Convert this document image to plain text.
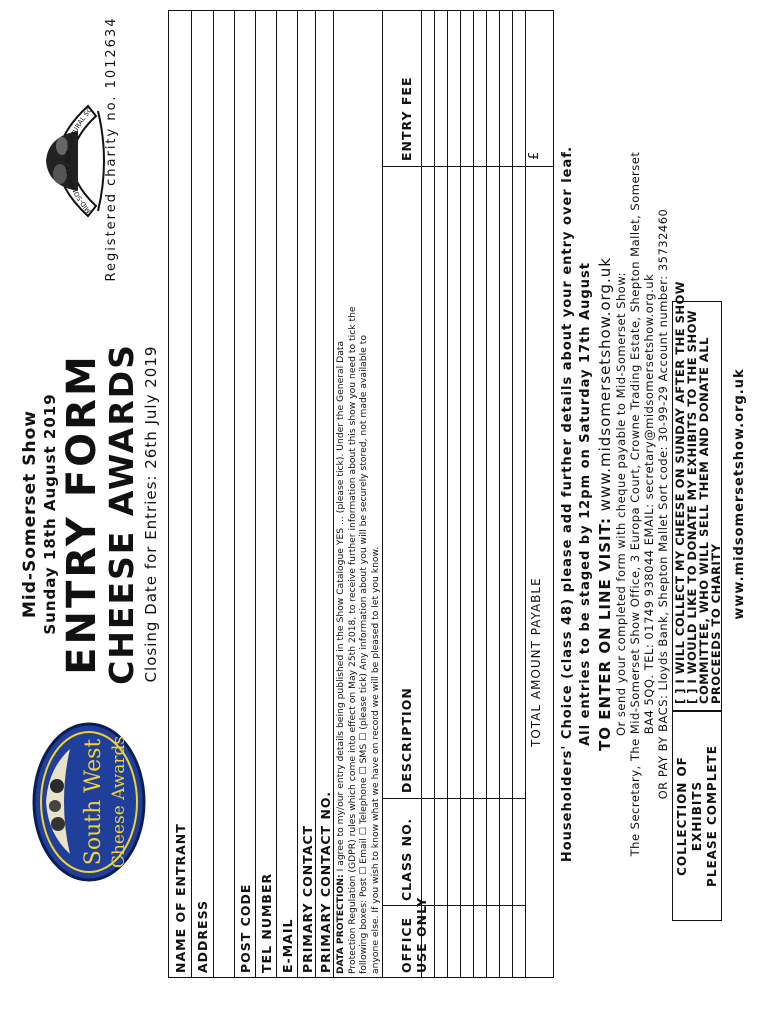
South West Cheese Awards
Mid-Somerset Show Sunday 18th August 2019 ENTRY FORM
CHEESE AWARDS Closing Date for Entries: 26th July 2019
MID-SOMERSET AGRICULTURAL SO Registered charity no. 1012634
NAME OF ENTRANT ADDRESS POST CODE TEL NUMBER E-MAIL PRIMARY CONTACT PRIMARY CONTACT NO. DATA PROTECTION: I agree to my/our entry details being published in the Show Catalogue YES ... (please tick). Under the General Data Protection Regulation (GDPR) rules which come into effect on May 25th 2018, to receive further information about this show you need to tick the following boxes: Post ☐ Email ☐ Telephone ☐ SMS ☐ (please tick) Any information about you will be securely stored, not made available to anyone else. If you wish to know what we have on record we will be pleased to let you know. OFFICE USE ONLY
CLASS NO.
DESCRIPTION
ENTRY FEE
TOTAL AMOUNT PAYABLE
£ Householders' Choice (class 48) please add further details about your entry over leaf. All entries to be staged by 12pm on Saturday 17th August TO ENTER ON LINE VISIT: www.midsomersetshow.org.uk Or send your completed form with cheque payable to Mid-Somerset Show: The Secretary, The Mid-Somerset Show Office, 3 Europa Court, Crowne Trading Estate, Shepton Mallet, Somerset BA4 5QQ. TEL: 01749 938044 EMAIL: secretary@midsomersetshow.org.uk
COLLECTION OF EXHIBITS PLEASE COMPLETE
[ ] I WILL COLLECT MY CHEESE ON SUNDAY AFTER THE SHOW
[ ] I WOULD LIKE TO DONATE MY EXHIBITS TO THE SHOW
COMMITTEE, WHO WILL SELL THEM AND DONATE ALL
PROCEEDS TO CHARITY
www.midsomersetshow.org.uk
OR PAY BY BACS: Lloyds Bank, Shepton Mallet Sort code: 30-99-29 Account number: 35732460
